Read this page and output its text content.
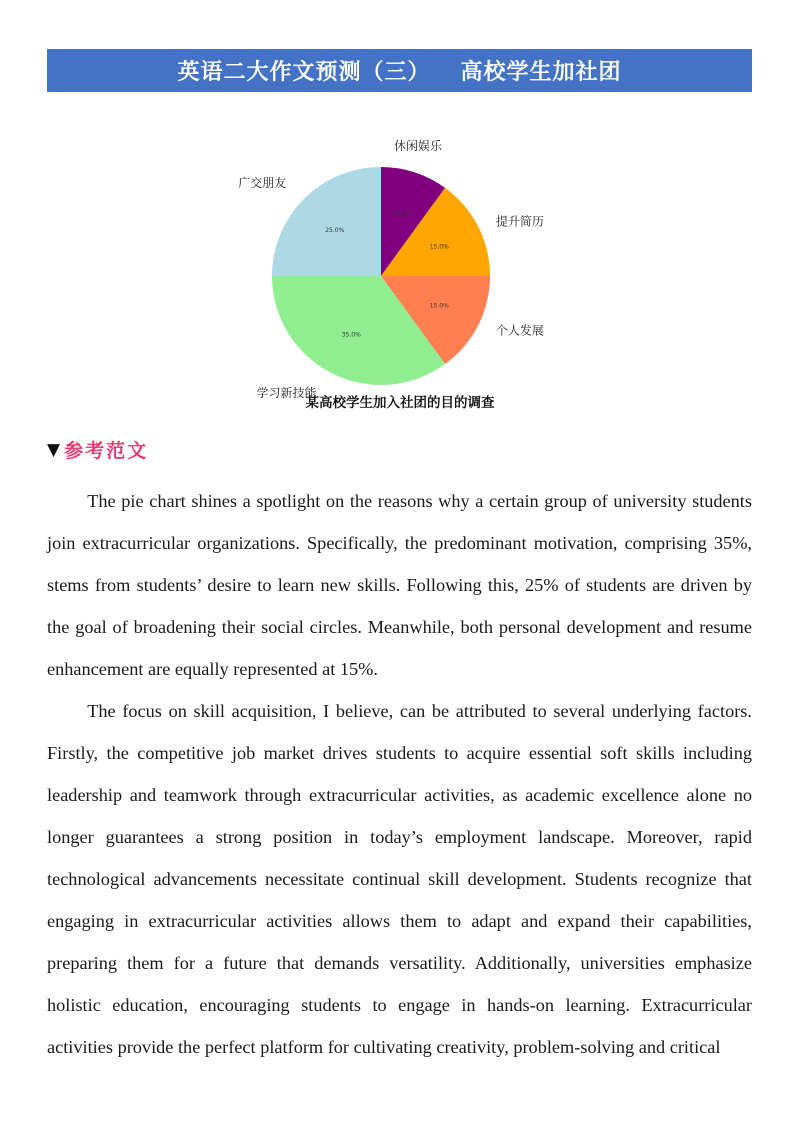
英语二大作文预测（三） 高校学生加社团
10.0%
休闲娱乐
15.0%
提升简历
15.0%
个人发展
35.0%
学习新技能
25.0%
广交朋友
某高校学生加入社团的目的调查
▼ 参考范文

The pie chart shines a spotlight on the reasons why a certain group of university students join extracurricular organizations. Specifically, the predominant motivation, comprising 35%, stems from students’ desire to learn new skills. Following this, 25% of students are driven by the goal of broadening their social circles. Meanwhile, both personal development and resume enhancement are equally represented at 15%.

The focus on skill acquisition, I believe, can be attributed to several underlying factors. Firstly, the competitive job market drives students to acquire essential soft skills including leadership and teamwork through extracurricular activities, as academic excellence alone no longer guarantees a strong position in today’s employment landscape. Moreover, rapid technological advancements necessitate continual skill development. Students recognize that engaging in extracurricular activities allows them to adapt and expand their capabilities, preparing them for a future that demands versatility. Additionally, universities emphasize holistic education, encouraging students to engage in hands-on learning. Extracurricular activities provide the perfect platform for cultivating creativity, problem-solving and critical
